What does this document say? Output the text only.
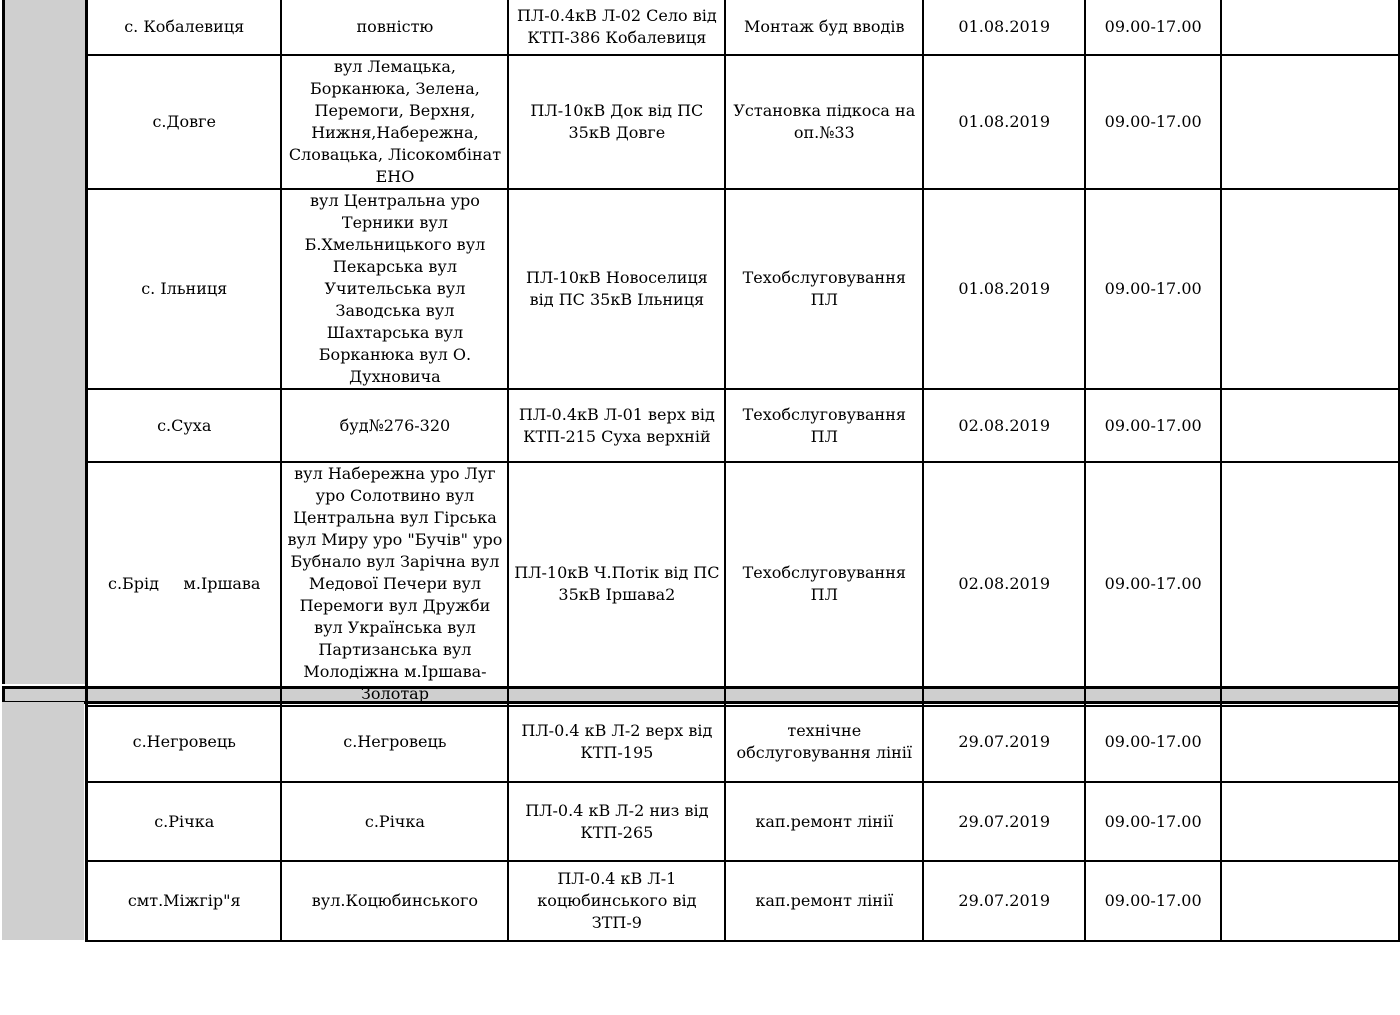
с. Кобалевиця	повністю	ПЛ-0.4кВ Л-02 Село від КТП-386 Кобалевиця	Монтаж буд вводів	01.08.2019	09.00-17.00	
с.Довге	вул Лемацька, Борканюка, Зелена, Перемоги, Верхня, Нижня,Набережна, Словацька, Лісокомбінат ЕНО	ПЛ-10кВ Док від ПС 35кВ Довге	Установка підкоса на оп.№33	01.08.2019	09.00-17.00	
с. Ільниця	вул Центральна уро Терники вул Б.Хмельницького вул Пекарська вул Учительська вул Заводська вул Шахтарська вул Борканюка вул О. Духновича	ПЛ-10кВ Новоселиця від ПС 35кВ Ільниця	Техобслуговування ПЛ	01.08.2019	09.00-17.00	
с.Суха	буд№276-320	ПЛ-0.4кВ Л-01 верх від КТП-215 Суха верхній	Техобслуговування ПЛ	02.08.2019	09.00-17.00	

с.Брід м.Іршава	вул Набережна уро Луг уро Солотвино вул Центральна вул Гірська вул Миру уро "Бучів" уро Бубнало вул Зарічна вул Медової Печери вул Перемоги вул Дружби вул Українська вул Партизанська вул Молодіжна м.Іршава-Золотар	ПЛ-10кВ Ч.Потік від ПС 35кВ Іршава2	Техобслуговування ПЛ	02.08.2019	09.00-17.00	
с.Негровець	с.Негровець	ПЛ-0.4 кВ Л-2 верх від КТП-195	технічне обслуговування лінії	29.07.2019	09.00-17.00	
с.Річка	с.Річка	ПЛ-0.4 кВ Л-2 низ від КТП-265	кап.ремонт лінії	29.07.2019	09.00-17.00	
смт.Міжгір"я	вул.Коцюбинського	ПЛ-0.4 кВ Л-1 коцюбинського від ЗТП-9	кап.ремонт лінії	29.07.2019	09.00-17.00	
